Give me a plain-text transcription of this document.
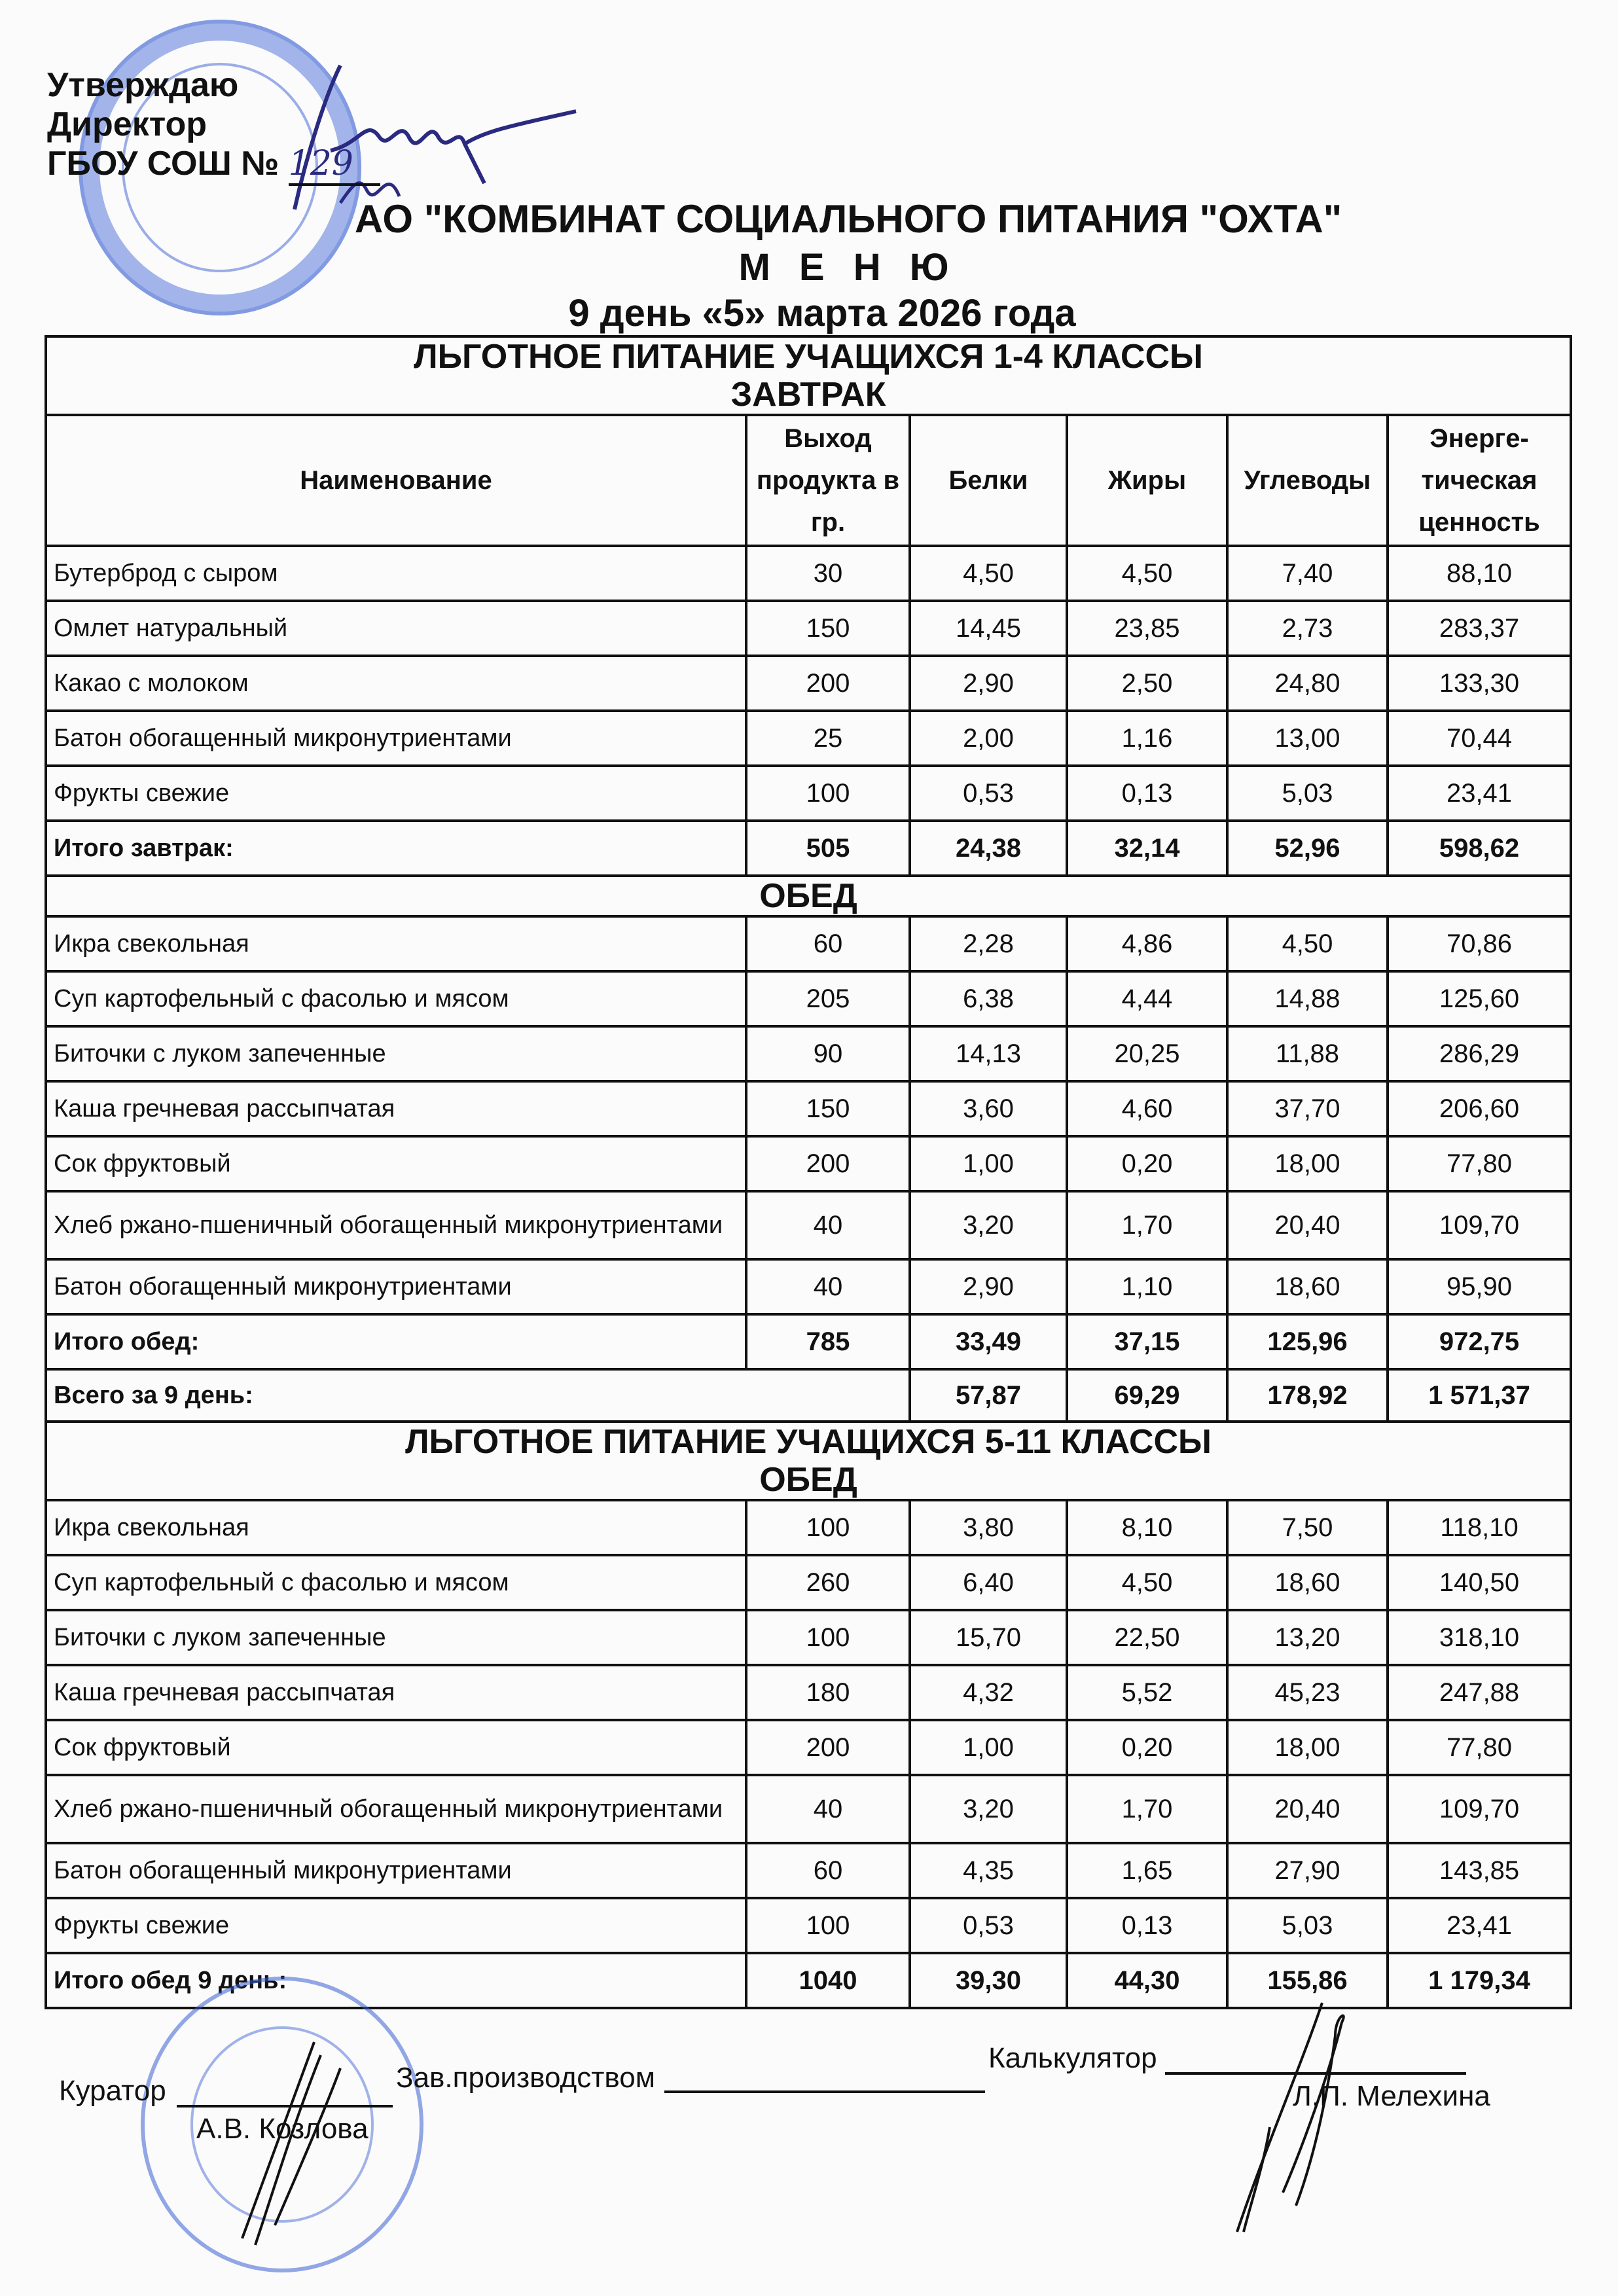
Утверждаю
Директор
ГБОУ СОШ № 129
АО "КОМБИНАТ СОЦИАЛЬНОГО ПИТАНИЯ "ОХТА"
М Е Н Ю
9 день «5» марта 2026 года
ЛЬГОТНОЕ ПИТАНИЕ УЧАЩИХСЯ 1-4 КЛАССЫ
ЗАВТРАК					

Наименование	Выход продукта в гр.	Белки	Жиры	Углеводы	Энерге-тическая ценность
Бутерброд с сыром	30	4,50	4,50	7,40	88,10
Омлет натуральный	150	14,45	23,85	2,73	283,37
Какао с молоком	200	2,90	2,50	24,80	133,30
Батон обогащенный микронутриентами	25	2,00	1,16	13,00	70,44
Фрукты свежие	100	0,53	0,13	5,03	23,41
Итого завтрак:	505	24,38	32,14	52,96	598,62
ОБЕД					
Икра свекольная	60	2,28	4,86	4,50	70,86
Суп картофельный с фасолью и мясом	205	6,38	4,44	14,88	125,60
Биточки с луком запеченные	90	14,13	20,25	11,88	286,29
Каша гречневая рассыпчатая	150	3,60	4,60	37,70	206,60
Сок фруктовый	200	1,00	0,20	18,00	77,80
Хлеб ржано-пшеничный обогащенный микронутриентами	40	3,20	1,70	20,40	109,70
Батон обогащенный микронутриентами	40	2,90	1,10	18,60	95,90
Итого обед:	785	33,49	37,15	125,96	972,75
Всего за 9 день:		57,87	69,29	178,92	1 571,37

ЛЬГОТНОЕ ПИТАНИЕ УЧАЩИХСЯ 5-11 КЛАССЫ
ОБЕД					

Икра свекольная	100	3,80	8,10	7,50	118,10
Суп картофельный с фасолью и мясом	260	6,40	4,50	18,60	140,50
Биточки с луком запеченные	100	15,70	22,50	13,20	318,10
Каша гречневая рассыпчатая	180	4,32	5,52	45,23	247,88
Сок фруктовый	200	1,00	0,20	18,00	77,80
Хлеб ржано-пшеничный обогащенный микронутриентами	40	3,20	1,70	20,40	109,70
Батон обогащенный микронутриентами	60	4,35	1,65	27,90	143,85
Фрукты свежие	100	0,53	0,13	5,03	23,41
Итого обед 9 день:	1040	39,30	44,30	155,86	1 179,34
Куратор
А.В. Козлова
Зав.производством
Калькулятор
Л.П. Мелехина
